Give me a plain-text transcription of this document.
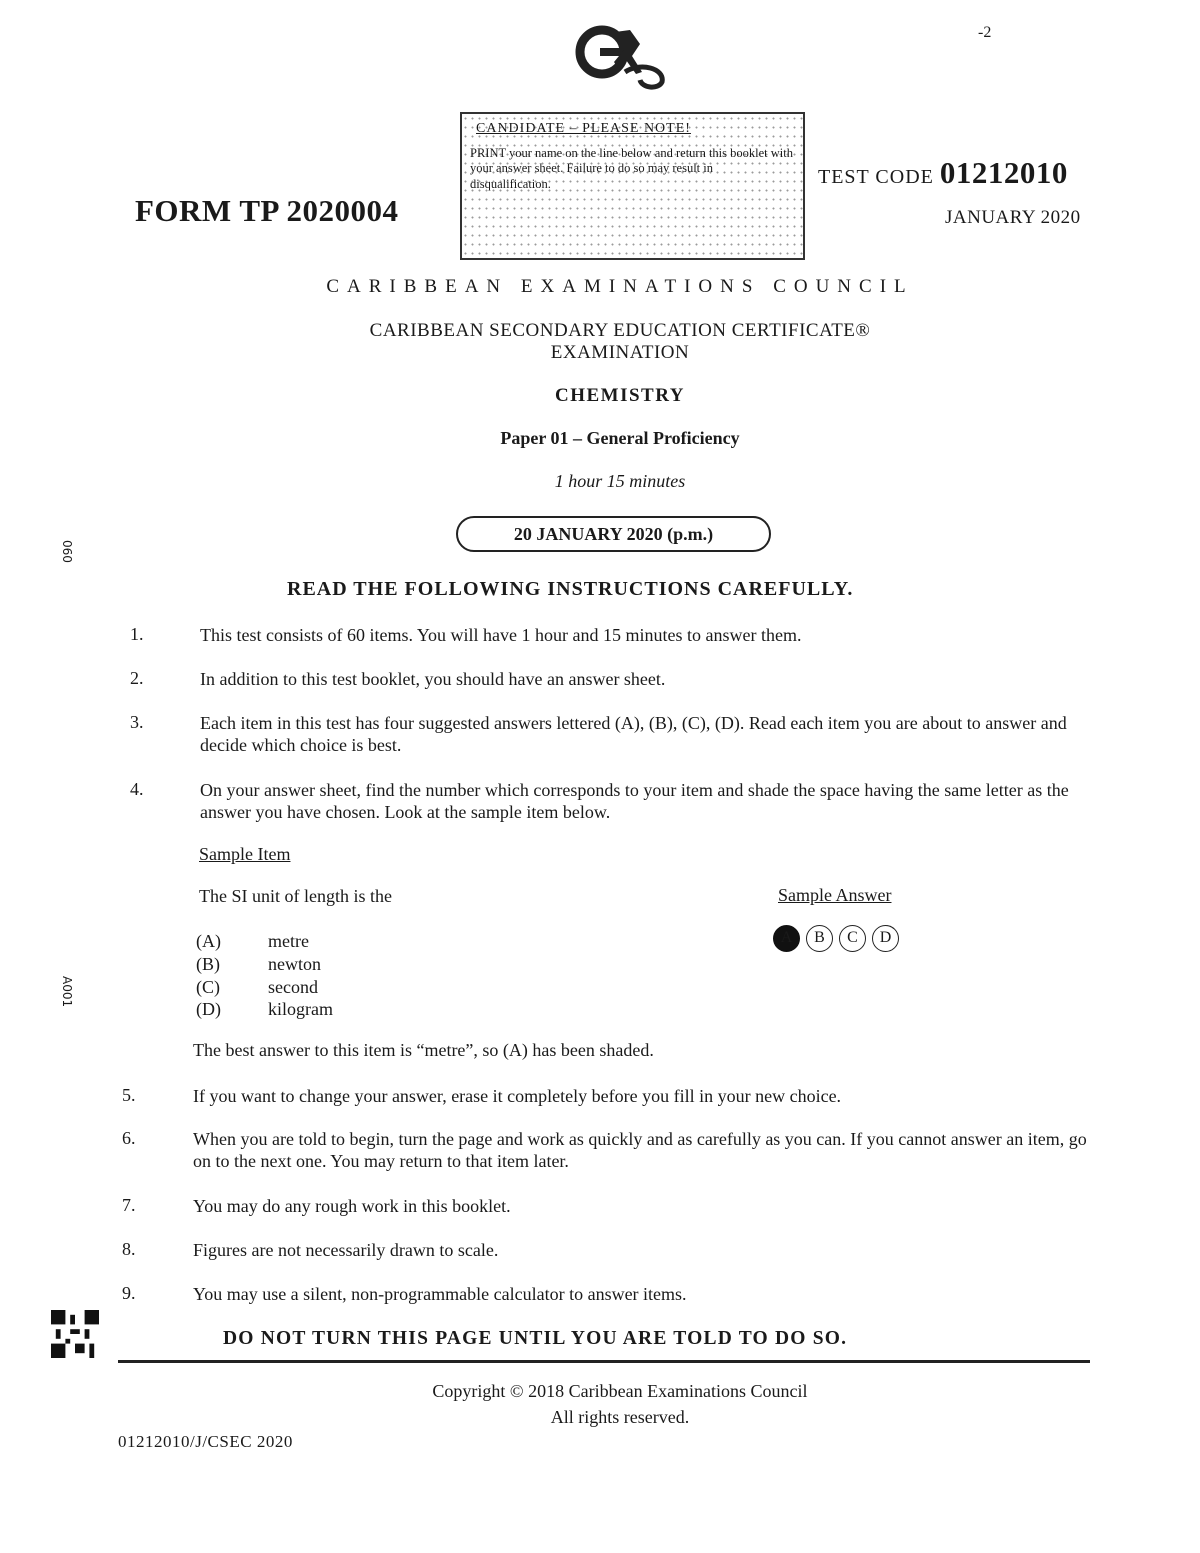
-2
CANDIDATE – PLEASE NOTE!
PRINT your name on the line below and return this booklet with your answer sheet. Failure to do so may result in disqualification.
FORM TP 2020004
TEST CODE 01212010
JANUARY 2020
CARIBBEAN EXAMINATIONS COUNCIL
CARIBBEAN SECONDARY EDUCATION CERTIFICATE®
EXAMINATION
CHEMISTRY
Paper 01 – General Proficiency
1 hour 15 minutes
20 JANUARY 2020 (p.m.)
READ THE FOLLOWING INSTRUCTIONS CAREFULLY.
1.	This test consists of 60 items. You will have 1 hour and 15 minutes to answer them.
2.	In addition to this test booklet, you should have an answer sheet.
3.	Each item in this test has four suggested answers lettered (A), (B), (C), (D). Read each item you are about to answer and decide which choice is best.
4.	On your answer sheet, find the number which corresponds to your item and shade the space having the same letter as the answer you have chosen. Look at the sample item below.
Sample Item
The SI unit of length is the	Sample Answer
(A)	metre
(B)	newton
(C)	second
(D)	kilogram
A	B	C	D
The best answer to this item is “metre”, so (A) has been shaded.
5.	If you want to change your answer, erase it completely before you fill in your new choice.
6.	When you are told to begin, turn the page and work as quickly and as carefully as you can. If you cannot answer an item, go on to the next one. You may return to that item later.
7.	You may do any rough work in this booklet.
8.	Figures are not necessarily drawn to scale.
9.	You may use a silent, non-programmable calculator to answer items.
DO NOT TURN THIS PAGE UNTIL YOU ARE TOLD TO DO SO.
Copyright © 2018 Caribbean Examinations Council
All rights reserved.
01212010/J/CSEC 2020
060
A001
